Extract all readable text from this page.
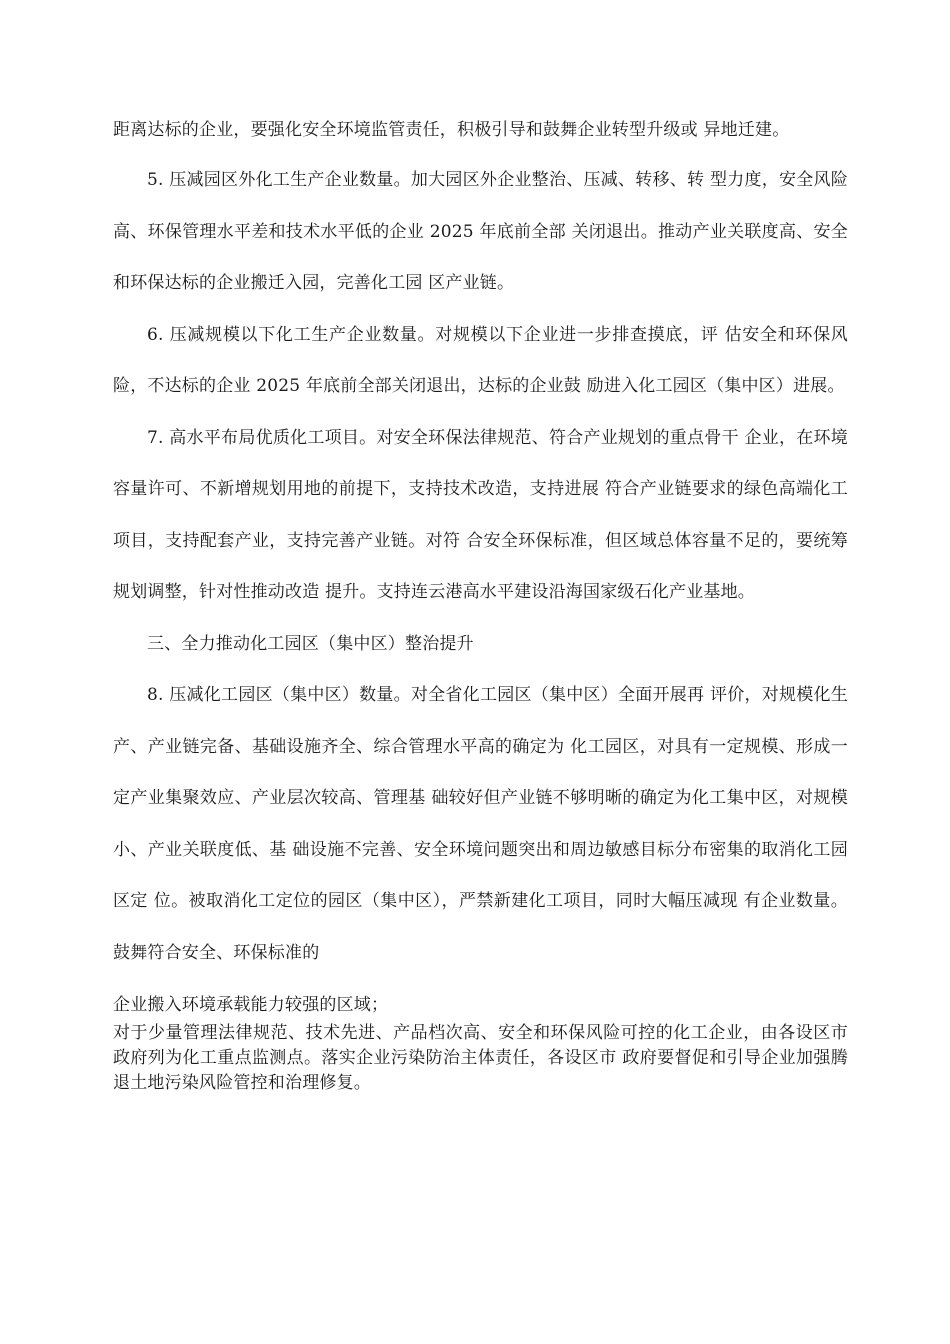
距离达标的企业，要强化安全环境监管责任，积极引导和鼓舞企业转型升级或 异地迁建。

5. 压减园区外化工生产企业数量。加大园区外企业整治、压减、转移、转 型力度，安全风险高、环保管理水平差和技术水平低的企业 2025 年底前全部 关闭退出。推动产业关联度高、安全和环保达标的企业搬迁入园，完善化工园 区产业链。

6. 压减规模以下化工生产企业数量。对规模以下企业进一步排查摸底，评 估安全和环保风险，不达标的企业 2025 年底前全部关闭退出，达标的企业鼓 励进入化工园区（集中区）进展。

7. 高水平布局优质化工项目。对安全环保法律规范、符合产业规划的重点骨干 企业，在环境容量许可、不新增规划用地的前提下，支持技术改造，支持进展 符合产业链要求的绿色高端化工项目，支持配套产业，支持完善产业链。对符 合安全环保标准，但区域总体容量不足的，要统筹规划调整，针对性推动改造 提升。支持连云港高水平建设沿海国家级石化产业基地。

三、全力推动化工园区（集中区）整治提升

8. 压减化工园区（集中区）数量。对全省化工园区（集中区）全面开展再 评价，对规模化生产、产业链完备、基础设施齐全、综合管理水平高的确定为 化工园区，对具有一定规模、形成一定产业集聚效应、产业层次较高、管理基 础较好但产业链不够明晰的确定为化工集中区，对规模小、产业关联度低、基 础设施不完善、安全环境问题突出和周边敏感目标分布密集的取消化工园区定 位。被取消化工定位的园区（集中区），严禁新建化工项目，同时大幅压减现 有企业数量。鼓舞符合安全、环保标准的

企业搬入环境承载能力较强的区域；

对于少量管理法律规范、技术先进、产品档次高、安全和环保风险可控的化工企业，由各设区市政府列为化工重点监测点。落实企业污染防治主体责任，各设区市 政府要督促和引导企业加强腾退土地污染风险管控和治理修复。
